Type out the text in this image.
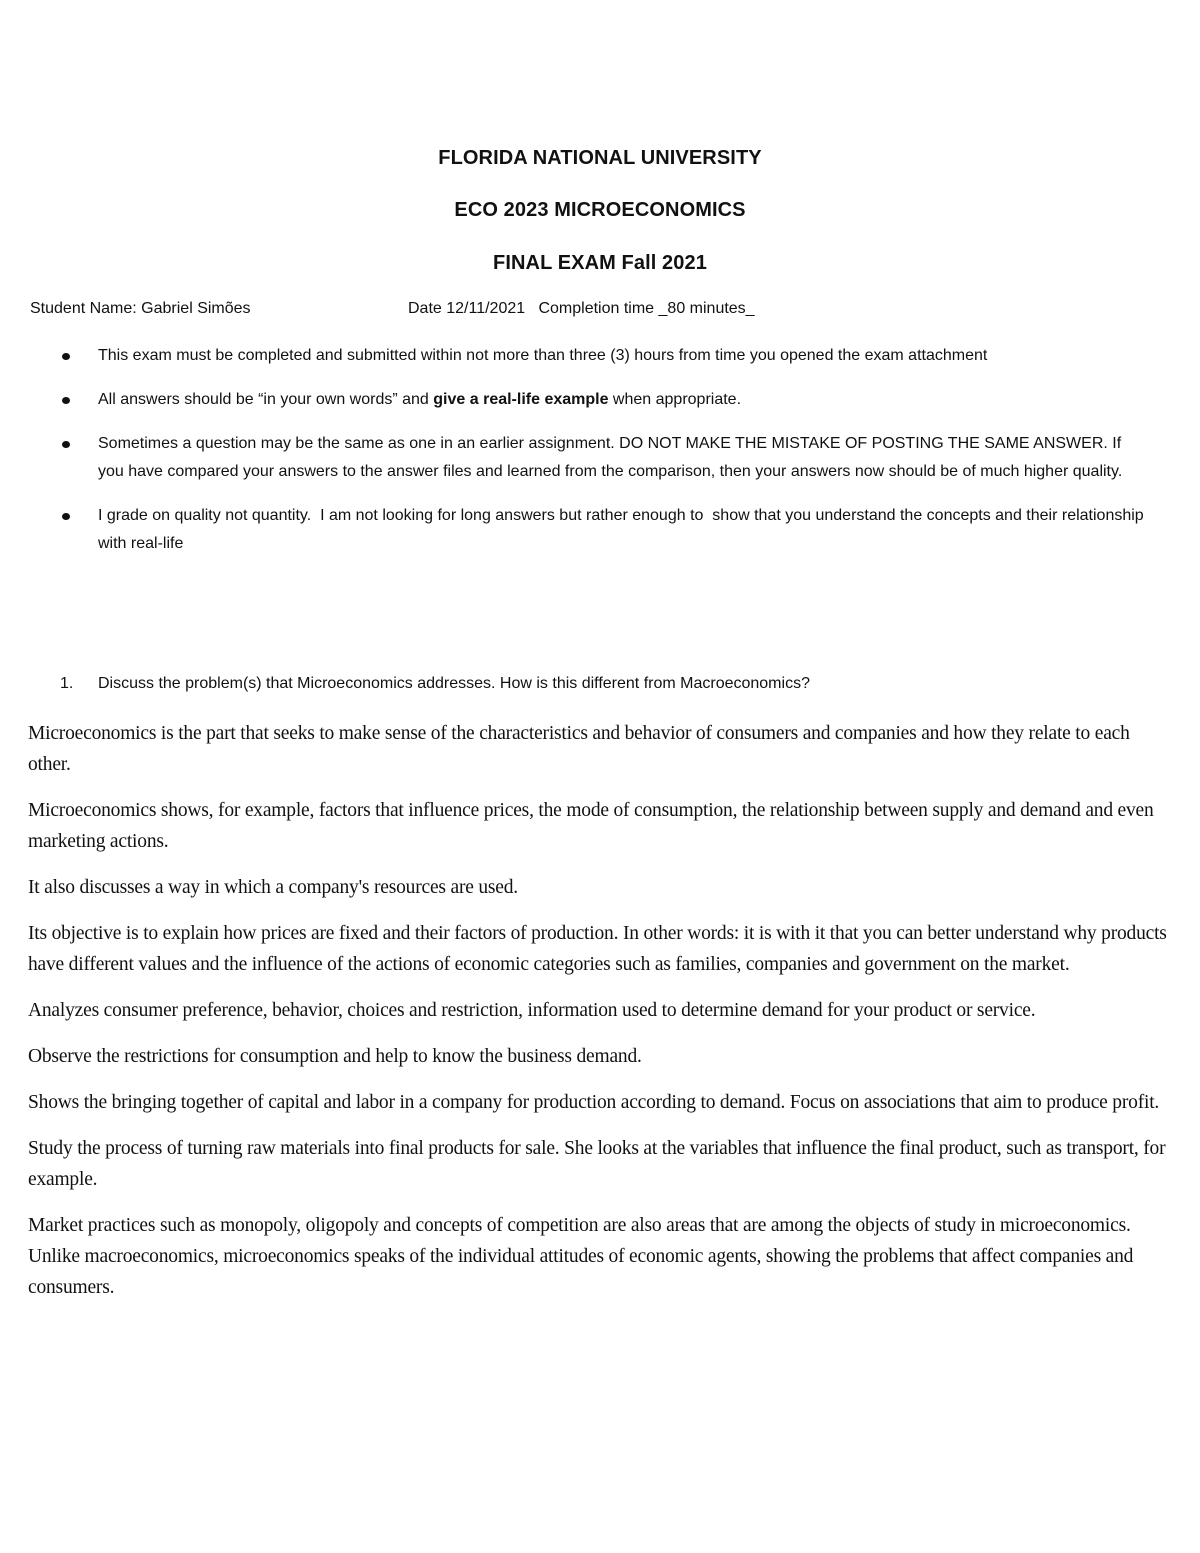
FLORIDA NATIONAL UNIVERSITY
ECO 2023 MICROECONOMICS
FINAL EXAM Fall 2021
Student Name: Gabriel Simões	Date 12/11/2021   Completion time _80 minutes_
This exam must be completed and submitted within not more than three (3) hours from time you opened the exam attachment
All answers should be “in your own words” and give a real-life example when appropriate.
Sometimes a question may be the same as one in an earlier assignment. DO NOT MAKE THE MISTAKE OF POSTING THE SAME ANSWER. If you have compared your answers to the answer files and learned from the comparison, then your answers now should be of much higher quality.
I grade on quality not quantity.  I am not looking for long answers but rather enough to  show that you understand the concepts and their relationship with real-life
1. Discuss the problem(s) that Microeconomics addresses. How is this different from Macroeconomics?

Microeconomics is the part that seeks to make sense of the characteristics and behavior of consumers and companies and how they relate to each other.

Microeconomics shows, for example, factors that influence prices, the mode of consumption, the relationship between supply and demand and even marketing actions.

It also discusses a way in which a company's resources are used.

Its objective is to explain how prices are fixed and their factors of production. In other words: it is with it that you can better understand why products have different values and the influence of the actions of economic categories such as families, companies and government on the market.

Analyzes consumer preference, behavior, choices and restriction, information used to determine demand for your product or service.

Observe the restrictions for consumption and help to know the business demand.

Shows the bringing together of capital and labor in a company for production according to demand. Focus on associations that aim to produce profit.

Study the process of turning raw materials into final products for sale. She looks at the variables that influence the final product, such as transport, for example.

Market practices such as monopoly, oligopoly and concepts of competition are also areas that are among the objects of study in microeconomics. Unlike macroeconomics, microeconomics speaks of the individual attitudes of economic agents, showing the problems that affect companies and consumers.
